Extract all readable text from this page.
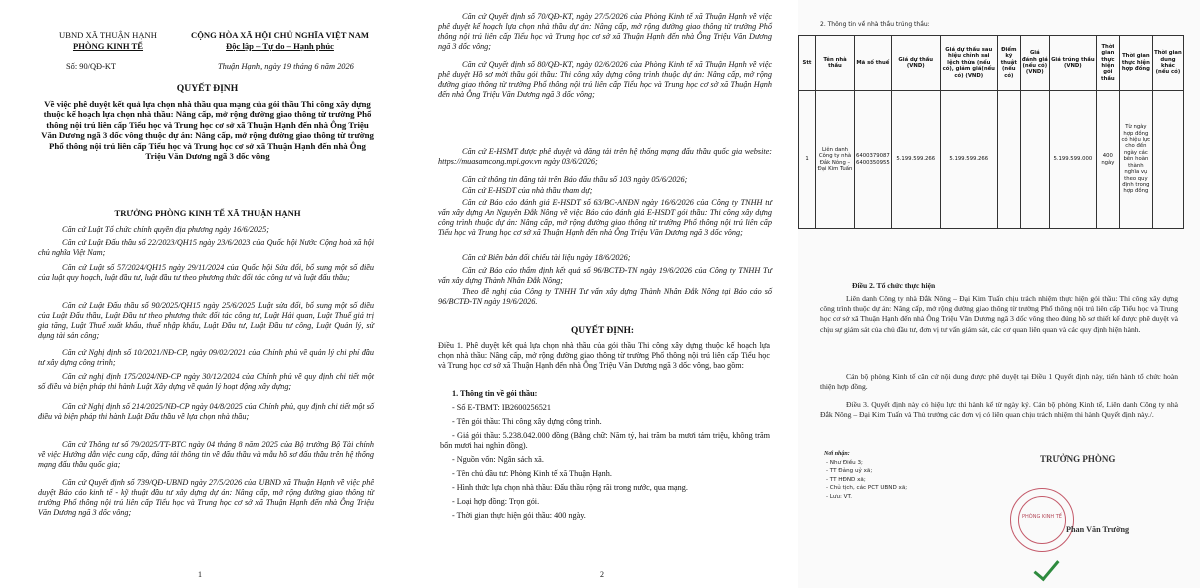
UBND XÃ THUẬN HẠNH
PHÒNG KINH TẾ
CỘNG HÒA XÃ HỘI CHỦ NGHĨA VIỆT NAM
Độc lập – Tự do – Hạnh phúc
Số: 90/QĐ-KT	Thuận Hạnh, ngày 19 tháng 6 năm 2026
QUYẾT ĐỊNH
Về việc phê duyệt kết quả lựa chọn nhà thầu qua mạng của gói thầu Thi công xây dựng thuộc kế hoạch lựa chọn nhà thầu: Nâng cấp, mở rộng đường giao thông từ trường Phổ thông nội trú liên cấp Tiểu học và Trung học cơ sở xã Thuận Hạnh đến nhà Ông Triệu Văn Dương ngã 3 dốc vông thuộc dự án: Nâng cấp, mở rộng đường giao thông từ trường Phổ thông nội trú liên cấp Tiểu học và Trung học cơ sở xã Thuận Hạnh đến nhà Ông Triệu Văn Dương ngã 3 dốc vông
TRƯỞNG PHÒNG KINH TẾ XÃ THUẬN HẠNH
Căn cứ Luật Tổ chức chính quyền địa phương ngày 16/6/2025;
Căn cứ Luật Đấu thầu số 22/2023/QH15 ngày 23/6/2023 của Quốc hội Nước Cộng hoà xã hội chủ nghĩa Việt Nam;
Căn cứ Luật số 57/2024/QH15 ngày 29/11/2024 của Quốc hội Sửa đổi, bổ sung một số điều của luật quy hoạch, luật đầu tư, luật đầu tư theo phương thức đối tác công tư và luật đấu thầu;
Căn cứ Luật Đấu thầu số 90/2025/QH15 ngày 25/6/2025 Luật sửa đổi, bổ sung một số điều của Luật Đấu thầu, Luật Đầu tư theo phương thức đối tác công tư, Luật Hải quan, Luật Thuế giá trị gia tăng, Luật Thuế xuất khẩu, thuế nhập khẩu, Luật Đầu tư, Luật Đầu tư công, Luật Quản lý, sử dụng tài sản công;
Căn cứ Nghị định số 10/2021/NĐ-CP, ngày 09/02/2021 của Chính phủ về quản lý chi phí đầu tư xây dựng công trình;
Căn cứ nghị định 175/2024/NĐ-CP ngày 30/12/2024 của Chính phủ về quy định chi tiết một số điều và biện pháp thi hành Luật Xây dựng về quản lý hoạt động xây dựng;
Căn cứ Nghị định số 214/2025/NĐ-CP ngày 04/8/2025 của Chính phủ, quy định chi tiết một số điều và biện pháp thi hành Luật Đấu thầu về lựa chọn nhà thầu;
Căn cứ Thông tư số 79/2025/TT-BTC ngày 04 tháng 8 năm 2025 của Bộ trưởng Bộ Tài chính về việc Hướng dẫn việc cung cấp, đăng tải thông tin về đấu thầu và mẫu hồ sơ đấu thầu trên hệ thống mạng đấu thầu quốc gia;
Căn cứ Quyết định số 739/QĐ-UBND ngày 27/5/2026 của UBND xã Thuận Hạnh về việc phê duyệt Báo cáo kinh tế - kỹ thuật đầu tư xây dựng dự án: Nâng cấp, mở rộng đường giao thông từ trường Phổ thông nội trú liên cấp Tiểu học và Trung học cơ sở xã Thuận Hạnh đến nhà Ông Triệu Văn Dương ngã 3 dốc vông;
1
Căn cứ Quyết định số 70/QĐ-KT, ngày 27/5/2026 của Phòng Kinh tế xã Thuận Hạnh về việc phê duyệt kế hoạch lựa chọn nhà thầu dự án: Nâng cấp, mở rộng đường giao thông từ trường Phổ thông nội trú liên cấp Tiểu học và Trung học cơ sở xã Thuận Hạnh đến nhà Ông Triệu Văn Dương ngã 3 dốc vông;
Căn cứ Quyết định số 80/QĐ-KT, ngày 02/6/2026 của Phòng Kinh tế xã Thuận Hạnh về việc phê duyệt Hồ sơ mời thầu gói thầu: Thi công xây dựng công trình thuộc dự án: Nâng cấp, mở rộng đường giao thông từ trường Phổ thông nội trú liên cấp Tiểu học và Trung học cơ sở xã Thuận Hạnh đến nhà Ông Triệu Văn Dương ngã 3 dốc vông;
Căn cứ E-HSMT được phê duyệt và đăng tải trên hệ thống mạng đấu thầu quốc gia website: https://muasamcong.mpi.gov.vn ngày 03/6/2026;
Căn cứ thông tin đăng tải trên Báo đấu thầu số 103 ngày 05/6/2026;
Căn cứ E-HSDT của nhà thầu tham dự;
Căn cứ Báo cáo đánh giá E-HSDT số 63/BC-ANĐN ngày 16/6/2026 của Công ty TNHH tư vấn xây dựng An Nguyên Đắk Nông về việc Báo cáo đánh giá E-HSDT gói thầu: Thi công xây dựng công trình thuộc dự án: Nâng cấp, mở rộng đường giao thông từ trường Phổ thông nội trú liên cấp Tiểu học và Trung học cơ sở xã Thuận Hạnh đến nhà Ông Triệu Văn Dương ngã 3 dốc vông;
Căn cứ Biên bản đối chiếu tài liệu ngày 18/6/2026;
Căn cứ Báo cáo thẩm định kết quả số 96/BCTĐ-TN ngày 19/6/2026 của Công ty TNHH Tư vấn xây dựng Thành Nhân Đắk Nông;
Theo đề nghị của Công ty TNHH Tư vấn xây dựng Thành Nhân Đắk Nông tại Báo cáo số 96/BCTĐ-TN ngày 19/6/2026.
QUYẾT ĐỊNH:
Điều 1. Phê duyệt kết quả lựa chọn nhà thầu của gói thầu Thi công xây dựng thuộc kế hoạch lựa chọn nhà thầu: Nâng cấp, mở rộng đường giao thông từ trường Phổ thông nội trú liên cấp Tiểu học và Trung học cơ sở xã Thuận Hạnh đến nhà Ông Triệu Văn Dương ngã 3 dốc vông, bao gồm:
1. Thông tin về gói thầu:
- Số E-TBMT: IB2600256521
- Tên gói thầu: Thi công xây dựng công trình.
- Giá gói thầu: 5.238.042.000 đồng (Bằng chữ: Năm tỷ, hai trăm ba mươi tám triệu, không trăm bốn mươi hai nghìn đồng).
- Nguồn vốn: Ngân sách xã.
- Tên chủ đầu tư: Phòng Kinh tế xã Thuận Hạnh.
- Hình thức lựa chọn nhà thầu: Đấu thầu rộng rãi trong nước, qua mạng.
- Loại hợp đồng: Trọn gói.
- Thời gian thực hiện gói thầu: 400 ngày.
2
2. Thông tin về nhà thầu trúng thầu:
Stt	Tên nhà thầu	Mã số thuế	Giá dự thầu (VND)	Giá dự thầu sau hiệu chỉnh sai lệch thừa (nếu có), giảm giá(nếu có) (VND)	Điểm kỹ thuật (nếu có)	Giá đánh giá (nếu có) (VND)	Giá trúng thầu (VND)	Thời gian thực hiện gói thầu	Thời gian thực hiện hợp đồng	Thời gian dung khác (nếu có)
1	Liên danh Công ty nhà Đắk Nông – Đại Kim Tuấn	6400379087 6400350955	5.199.599.266	5.199.599.266			5.199.599.000	400 ngày	Từ ngày hợp đồng có hiệu lực cho đến ngày các bên hoàn thành nghĩa vụ theo quy định trong hợp đồng	
Điều 2. Tổ chức thực hiện
Liên danh Công ty nhà Đắk Nông – Đại Kim Tuấn chịu trách nhiệm thực hiện gói thầu: Thi công xây dựng công trình thuộc dự án: Nâng cấp, mở rộng đường giao thông từ trường Phổ thông nội trú liên cấp Tiểu học và Trung học cơ sở xã Thuận Hạnh đến nhà Ông Triệu Văn Dương ngã 3 dốc vông theo đúng hồ sơ thiết kế được phê duyệt và chịu sự giám sát của chủ đầu tư, đơn vị tư vấn giám sát, các cơ quan liên quan và các quy định hiện hành.
Cán bộ phòng Kinh tế căn cứ nội dung được phê duyệt tại Điều 1 Quyết định này, tiến hành tổ chức hoàn thiện hợp đồng.
Điều 3. Quyết định này có hiệu lực thi hành kể từ ngày ký. Cán bộ phòng Kinh tế, Liên danh Công ty nhà Đắk Nông – Đại Kim Tuấn và Thủ trưởng các đơn vị có liên quan chịu trách nhiệm thi hành Quyết định này./.
Nơi nhận:
- Như Điều 3;
- TT Đảng uỷ xã;
- TT HĐND xã;
- Chủ tịch, các PCT UBND xã;
- Lưu: VT.
TRƯỞNG PHÒNG
PHÒNG KINH TẾ
Phan Văn Trường
